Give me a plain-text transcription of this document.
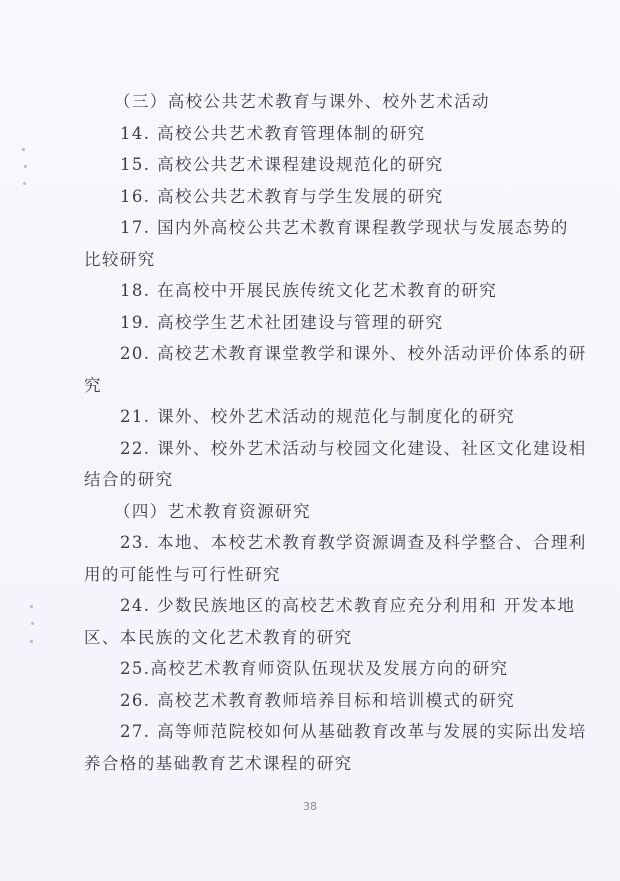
（三）高校公共艺术教育与课外、校外艺术活动
14. 高校公共艺术教育管理体制的研究
15. 高校公共艺术课程建设规范化的研究
16. 高校公共艺术教育与学生发展的研究
17. 国内外高校公共艺术教育课程教学现状与发展态势的
比较研究
18. 在高校中开展民族传统文化艺术教育的研究
19. 高校学生艺术社团建设与管理的研究
20. 高校艺术教育课堂教学和课外、校外活动评价体系的研
究
21. 课外、校外艺术活动的规范化与制度化的研究
22. 课外、校外艺术活动与校园文化建设、社区文化建设相
结合的研究
（四）艺术教育资源研究
23. 本地、本校艺术教育教学资源调查及科学整合、合理利
用的可能性与可行性研究
24. 少数民族地区的高校艺术教育应充分利用和 开发本地
区、本民族的文化艺术教育的研究
25.高校艺术教育师资队伍现状及发展方向的研究
26. 高校艺术教育教师培养目标和培训模式的研究
27. 高等师范院校如何从基础教育改革与发展的实际出发培
养合格的基础教育艺术课程的研究
38
